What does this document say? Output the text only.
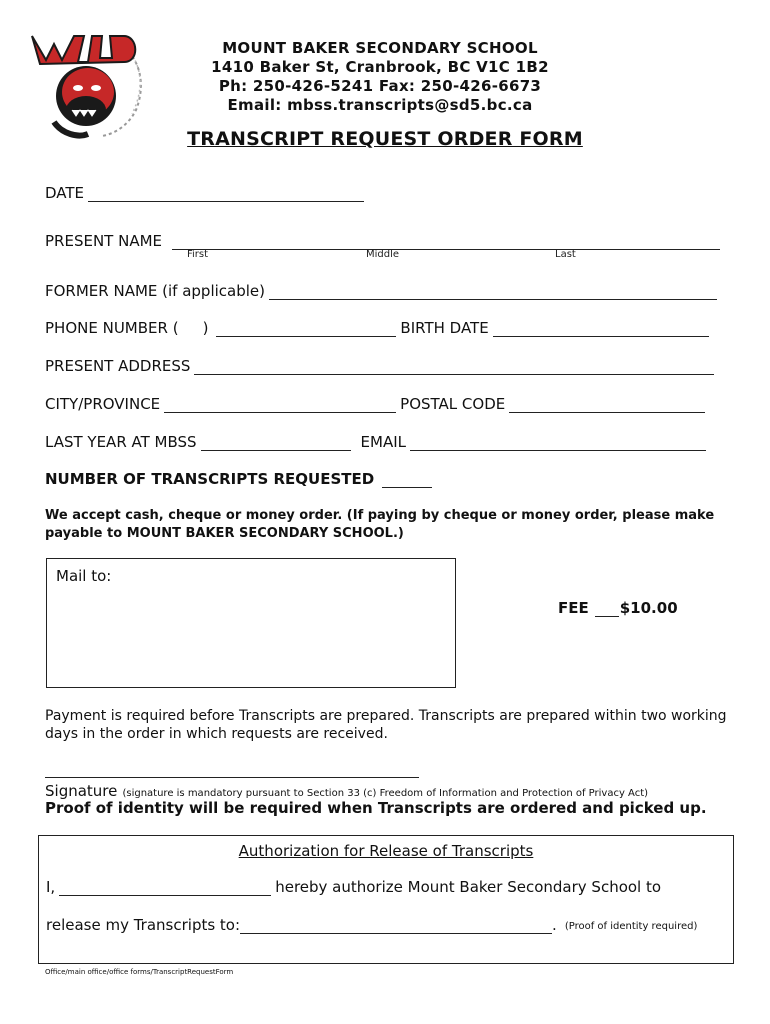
MOUNT BAKER SECONDARY SCHOOL
1410 Baker St, Cranbrook, BC V1C 1B2
Ph: 250-426-5241 Fax: 250-426-6673
Email: mbss.transcripts@sd5.bc.ca
TRANSCRIPT REQUEST ORDER FORM
DATE
PRESENT NAME
First	Middle	Last
FORMER NAME (if applicable)
PHONE NUMBER ( )	BIRTH DATE
PRESENT ADDRESS
CITY/PROVINCE	POSTAL CODE
LAST YEAR AT MBSS	EMAIL
NUMBER OF TRANSCRIPTS REQUESTED
We accept cash, cheque or money order. (If paying by cheque or money order, please make payable to MOUNT BAKER SECONDARY SCHOOL.)
Mail to:
FEE $10.00
Payment is required before Transcripts are prepared. Transcripts are prepared within two working days in the order in which requests are received.
Signature (signature is mandatory pursuant to Section 33 (c) Freedom of Information and Protection of Privacy Act)
Proof of identity will be required when Transcripts are ordered and picked up.
Authorization for Release of Transcripts
I,	hereby authorize Mount Baker Secondary School to
release my Transcripts to:	. (Proof of identity required)
Office/main office/office forms/TranscriptRequestForm
